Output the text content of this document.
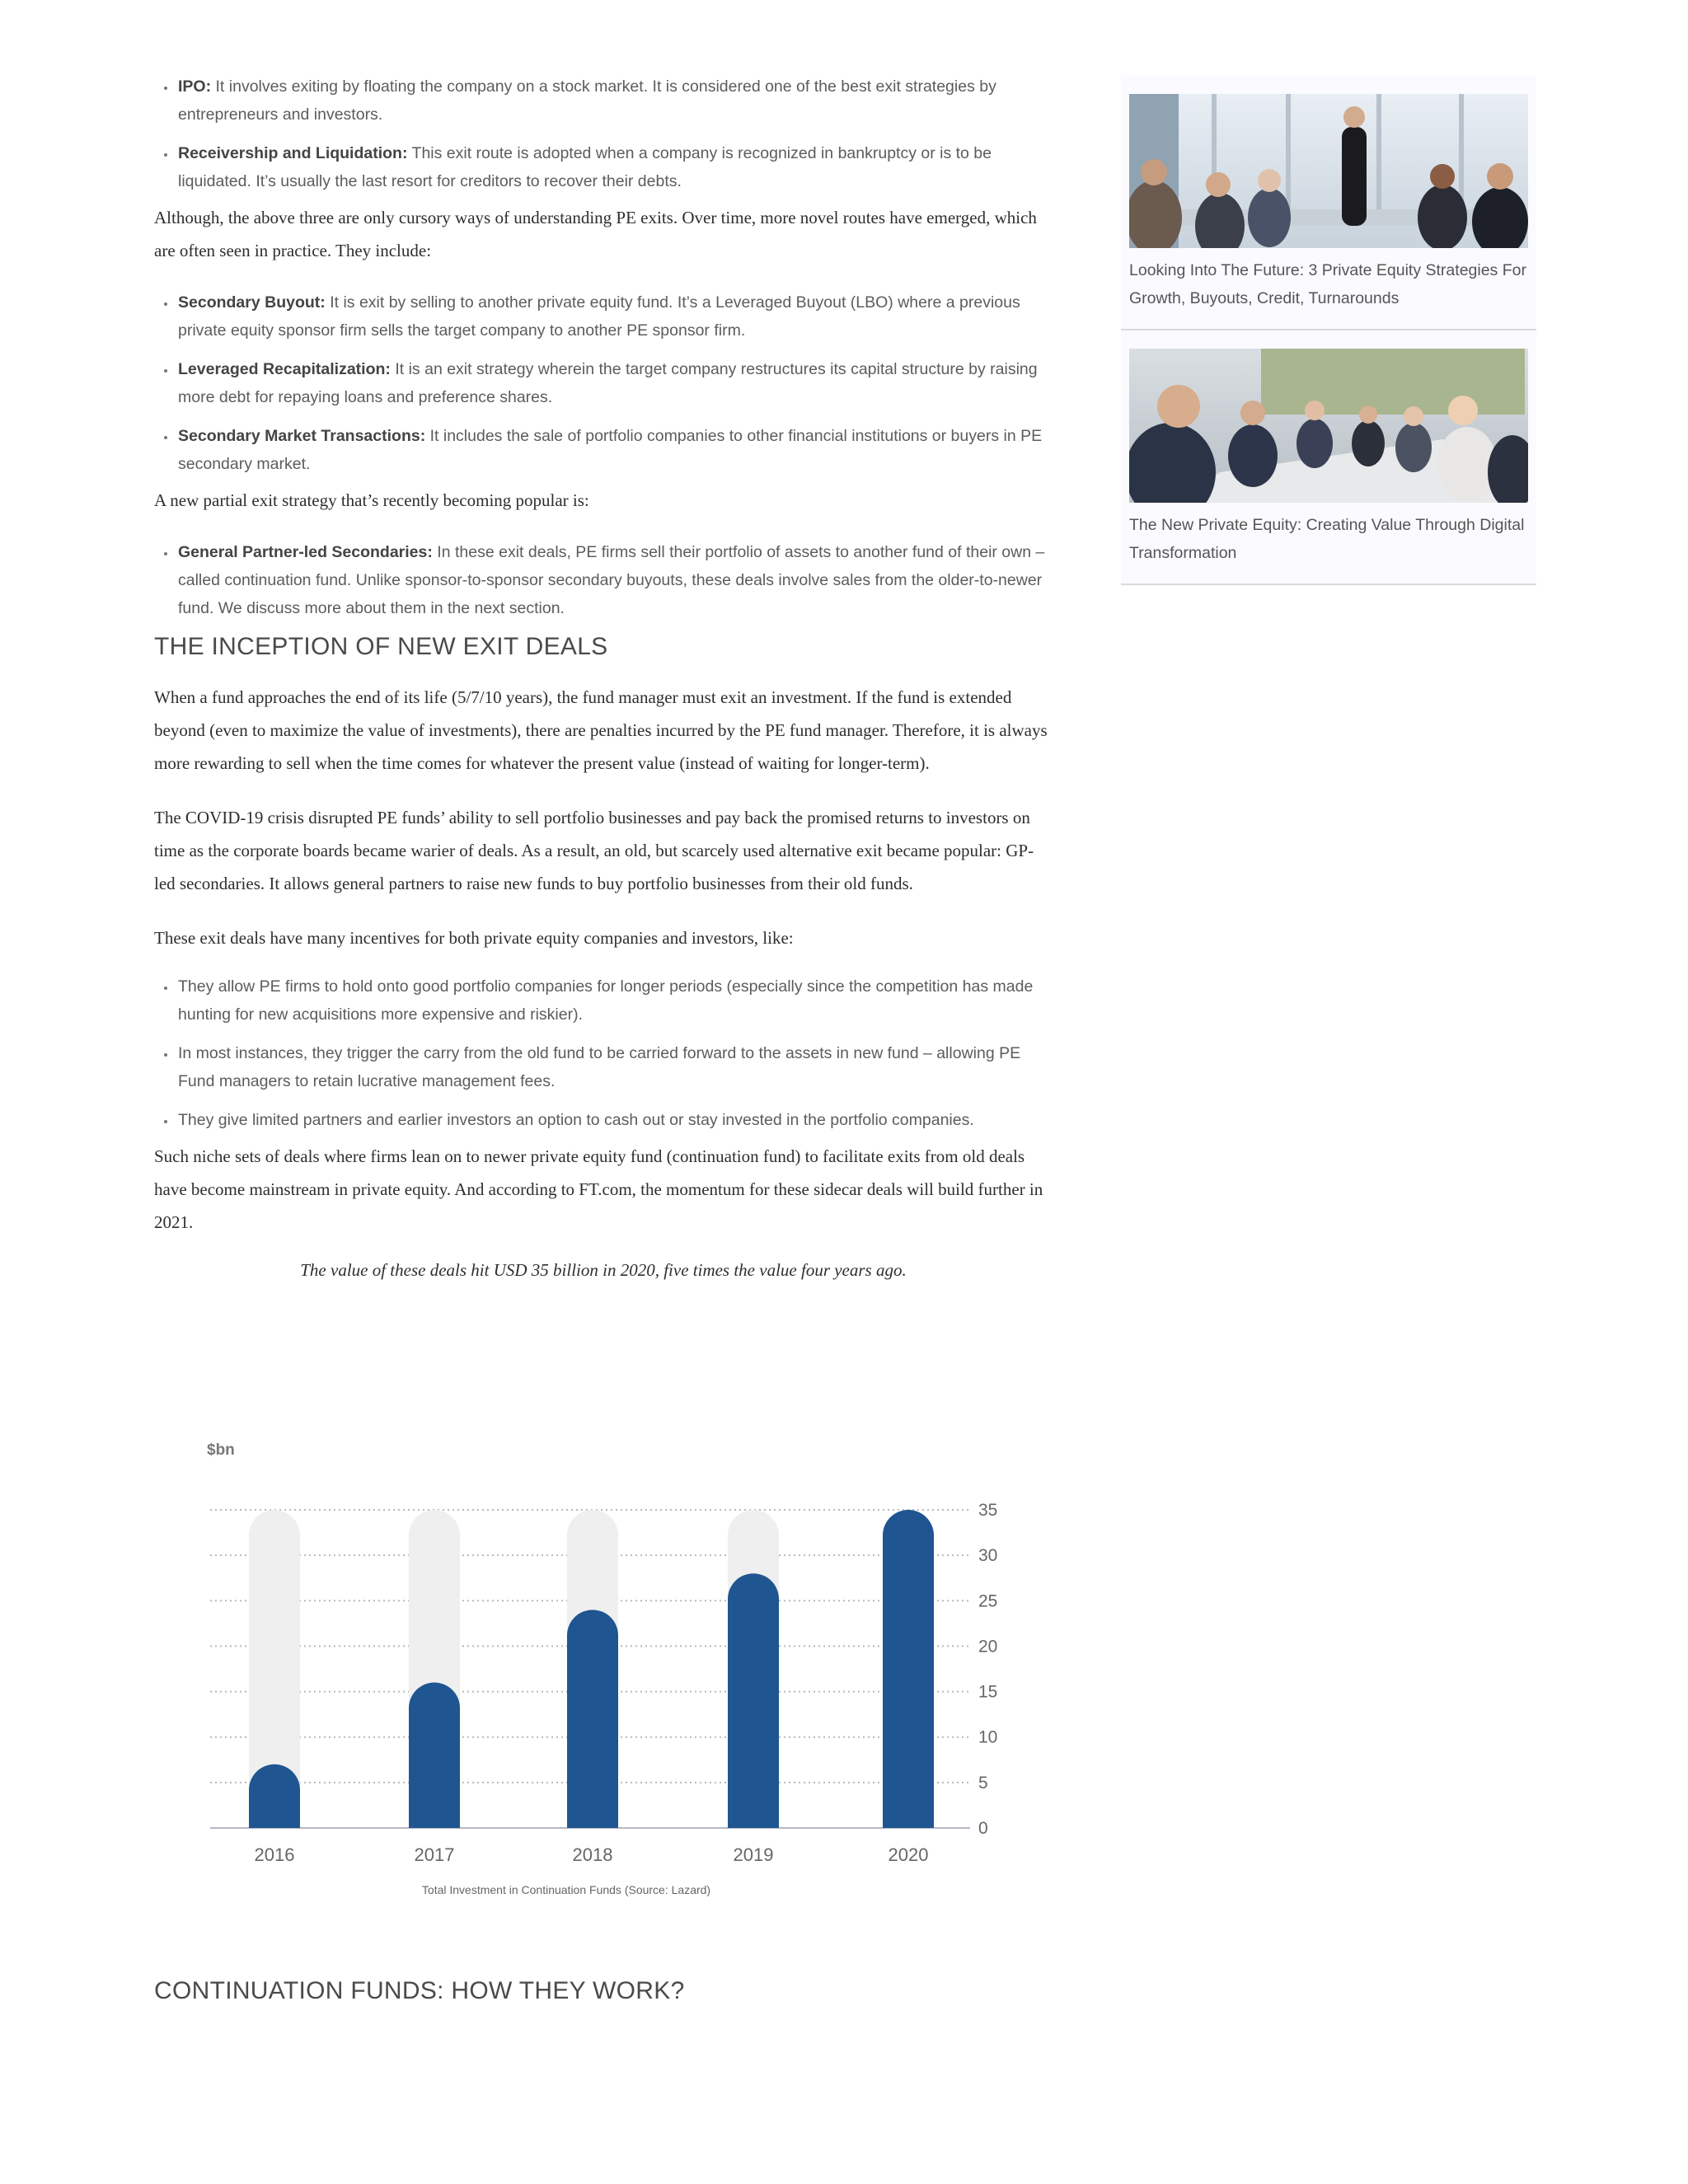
• IPO: It involves exiting by floating the company on a stock market. It is considered one of the best exit strategies by entrepreneurs and investors.
• Receivership and Liquidation: This exit route is adopted when a company is recognized in bankruptcy or is to be liquidated. It’s usually the last resort for creditors to recover their debts.

Although, the above three are only cursory ways of understanding PE exits. Over time, more novel routes have emerged, which are often seen in practice. They include:

• Secondary Buyout: It is exit by selling to another private equity fund. It’s a Leveraged Buyout (LBO) where a previous private equity sponsor firm sells the target company to another PE sponsor firm.
• Leveraged Recapitalization: It is an exit strategy wherein the target company restructures its capital structure by raising more debt for repaying loans and preference shares.
• Secondary Market Transactions: It includes the sale of portfolio companies to other financial institutions or buyers in PE secondary market.

A new partial exit strategy that’s recently becoming popular is:

• General Partner-led Secondaries: In these exit deals, PE firms sell their portfolio of assets to another fund of their own – called continuation fund. Unlike sponsor-to-sponsor secondary buyouts, these deals involve sales from the older-to-newer fund. We discuss more about them in the next section.
THE INCEPTION OF NEW EXIT DEALS

When a fund approaches the end of its life (5/7/10 years), the fund manager must exit an investment. If the fund is extended beyond (even to maximize the value of investments), there are penalties incurred by the PE fund manager. Therefore, it is always more rewarding to sell when the time comes for whatever the present value (instead of waiting for longer-term).

The COVID-19 crisis disrupted PE funds’ ability to sell portfolio businesses and pay back the promised returns to investors on time as the corporate boards became warier of deals. As a result, an old, but scarcely used alternative exit became popular: GP-led secondaries. It allows general partners to raise new funds to buy portfolio businesses from their old funds.

These exit deals have many incentives for both private equity companies and investors, like:

• They allow PE firms to hold onto good portfolio companies for longer periods (especially since the competition has made hunting for new acquisitions more expensive and riskier).
• In most instances, they trigger the carry from the old fund to be carried forward to the assets in new fund – allowing PE Fund managers to retain lucrative management fees.
• They give limited partners and earlier investors an option to cash out or stay invested in the portfolio companies.

Such niche sets of deals where firms lean on to newer private equity fund (continuation fund) to facilitate exits from old deals have become mainstream in private equity. And according to FT.com, the momentum for these sidecar deals will build further in 2021.

The value of these deals hit USD 35 billion in 2020, five times the value four years ago.

$bn
0
5
10
15
20
25
30
35
2016	2017	2018	2019	2020
Total Investment in Continuation Funds (Source: Lazard)
CONTINUATION FUNDS: HOW THEY WORK?
Looking Into The Future: 3 Private Equity Strategies For Growth, Buyouts, Credit, Turnarounds
The New Private Equity: Creating Value Through Digital Transformation
